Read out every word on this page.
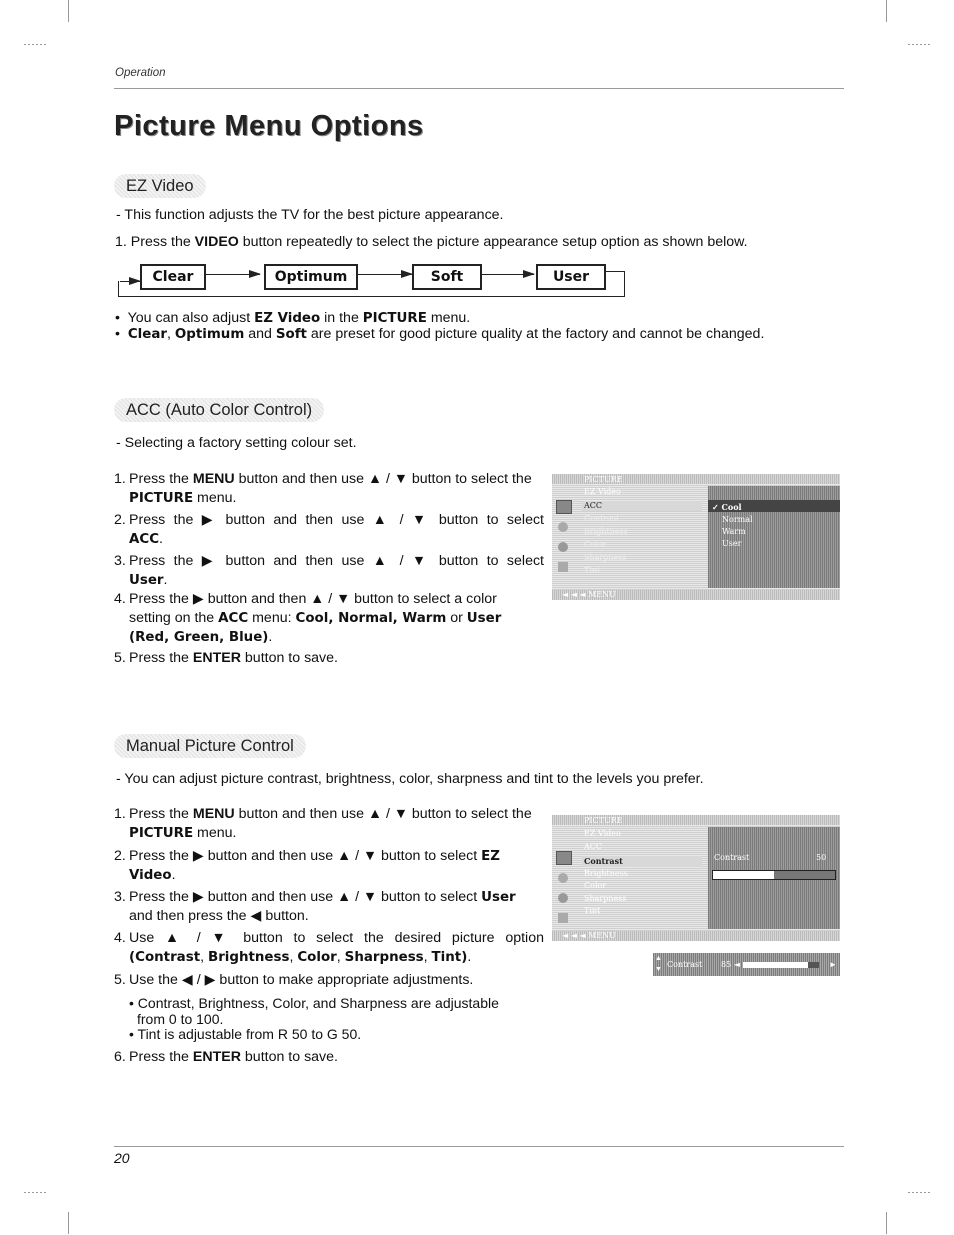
Operation
Picture Menu Options
EZ Video
- This function adjusts the TV for the best picture appearance.
1. Press the VIDEO button repeatedly to select the picture appearance setup option as shown below.
Clear	Optimum	Soft	User
• You can also adjust EZ Video in the PICTURE menu.
• Clear, Optimum and Soft are preset for good picture quality at the factory and cannot be changed.
ACC (Auto Color Control)
- Selecting a factory setting colour set.
1. Press the MENU button and then use ▲ / ▼ button to select the
PICTURE menu.
2. Press the ▶ button and then use ▲ / ▼ button to select
ACC.
3. Press the ▶ button and then use ▲ / ▼ button to select
User.
4. Press the ▶ button and then ▲ / ▼ button to select a color
setting on the ACC menu: Cool, Normal, Warm or User
(Red, Green, Blue).
5. Press the ENTER button to save.
PICTURE
EZ Video
ACC
Contrast
Brightness
Color
Sharpness
Tint
✓ Cool
Normal
Warm
User
◄ ◄ ◄ MENU
Manual Picture Control
- You can adjust picture contrast, brightness, color, sharpness and tint to the levels you prefer.
1. Press the MENU button and then use ▲ / ▼ button to select the
PICTURE menu.
2. Press the ▶ button and then use ▲ / ▼ button to select EZ
Video.
3. Press the ▶ button and then use ▲ / ▼ button to select User
and then press the ◀ button.
4. Use ▲ / ▼ button to select the desired picture option
(Contrast, Brightness, Color, Sharpness, Tint).
5. Use the ◀ / ▶ button to make appropriate adjustments.
• Contrast, Brightness, Color, and Sharpness are adjustable
from 0 to 100.
• Tint is adjustable from R 50 to G 50.
6. Press the ENTER button to save.
PICTURE
EZ Video
ACC
Contrast
Brightness
Color
Sharpness
Tint
Contrast	50
◄ ◄ ◄ MENU
▲
▼
Contrast 85 ◄	►
20
